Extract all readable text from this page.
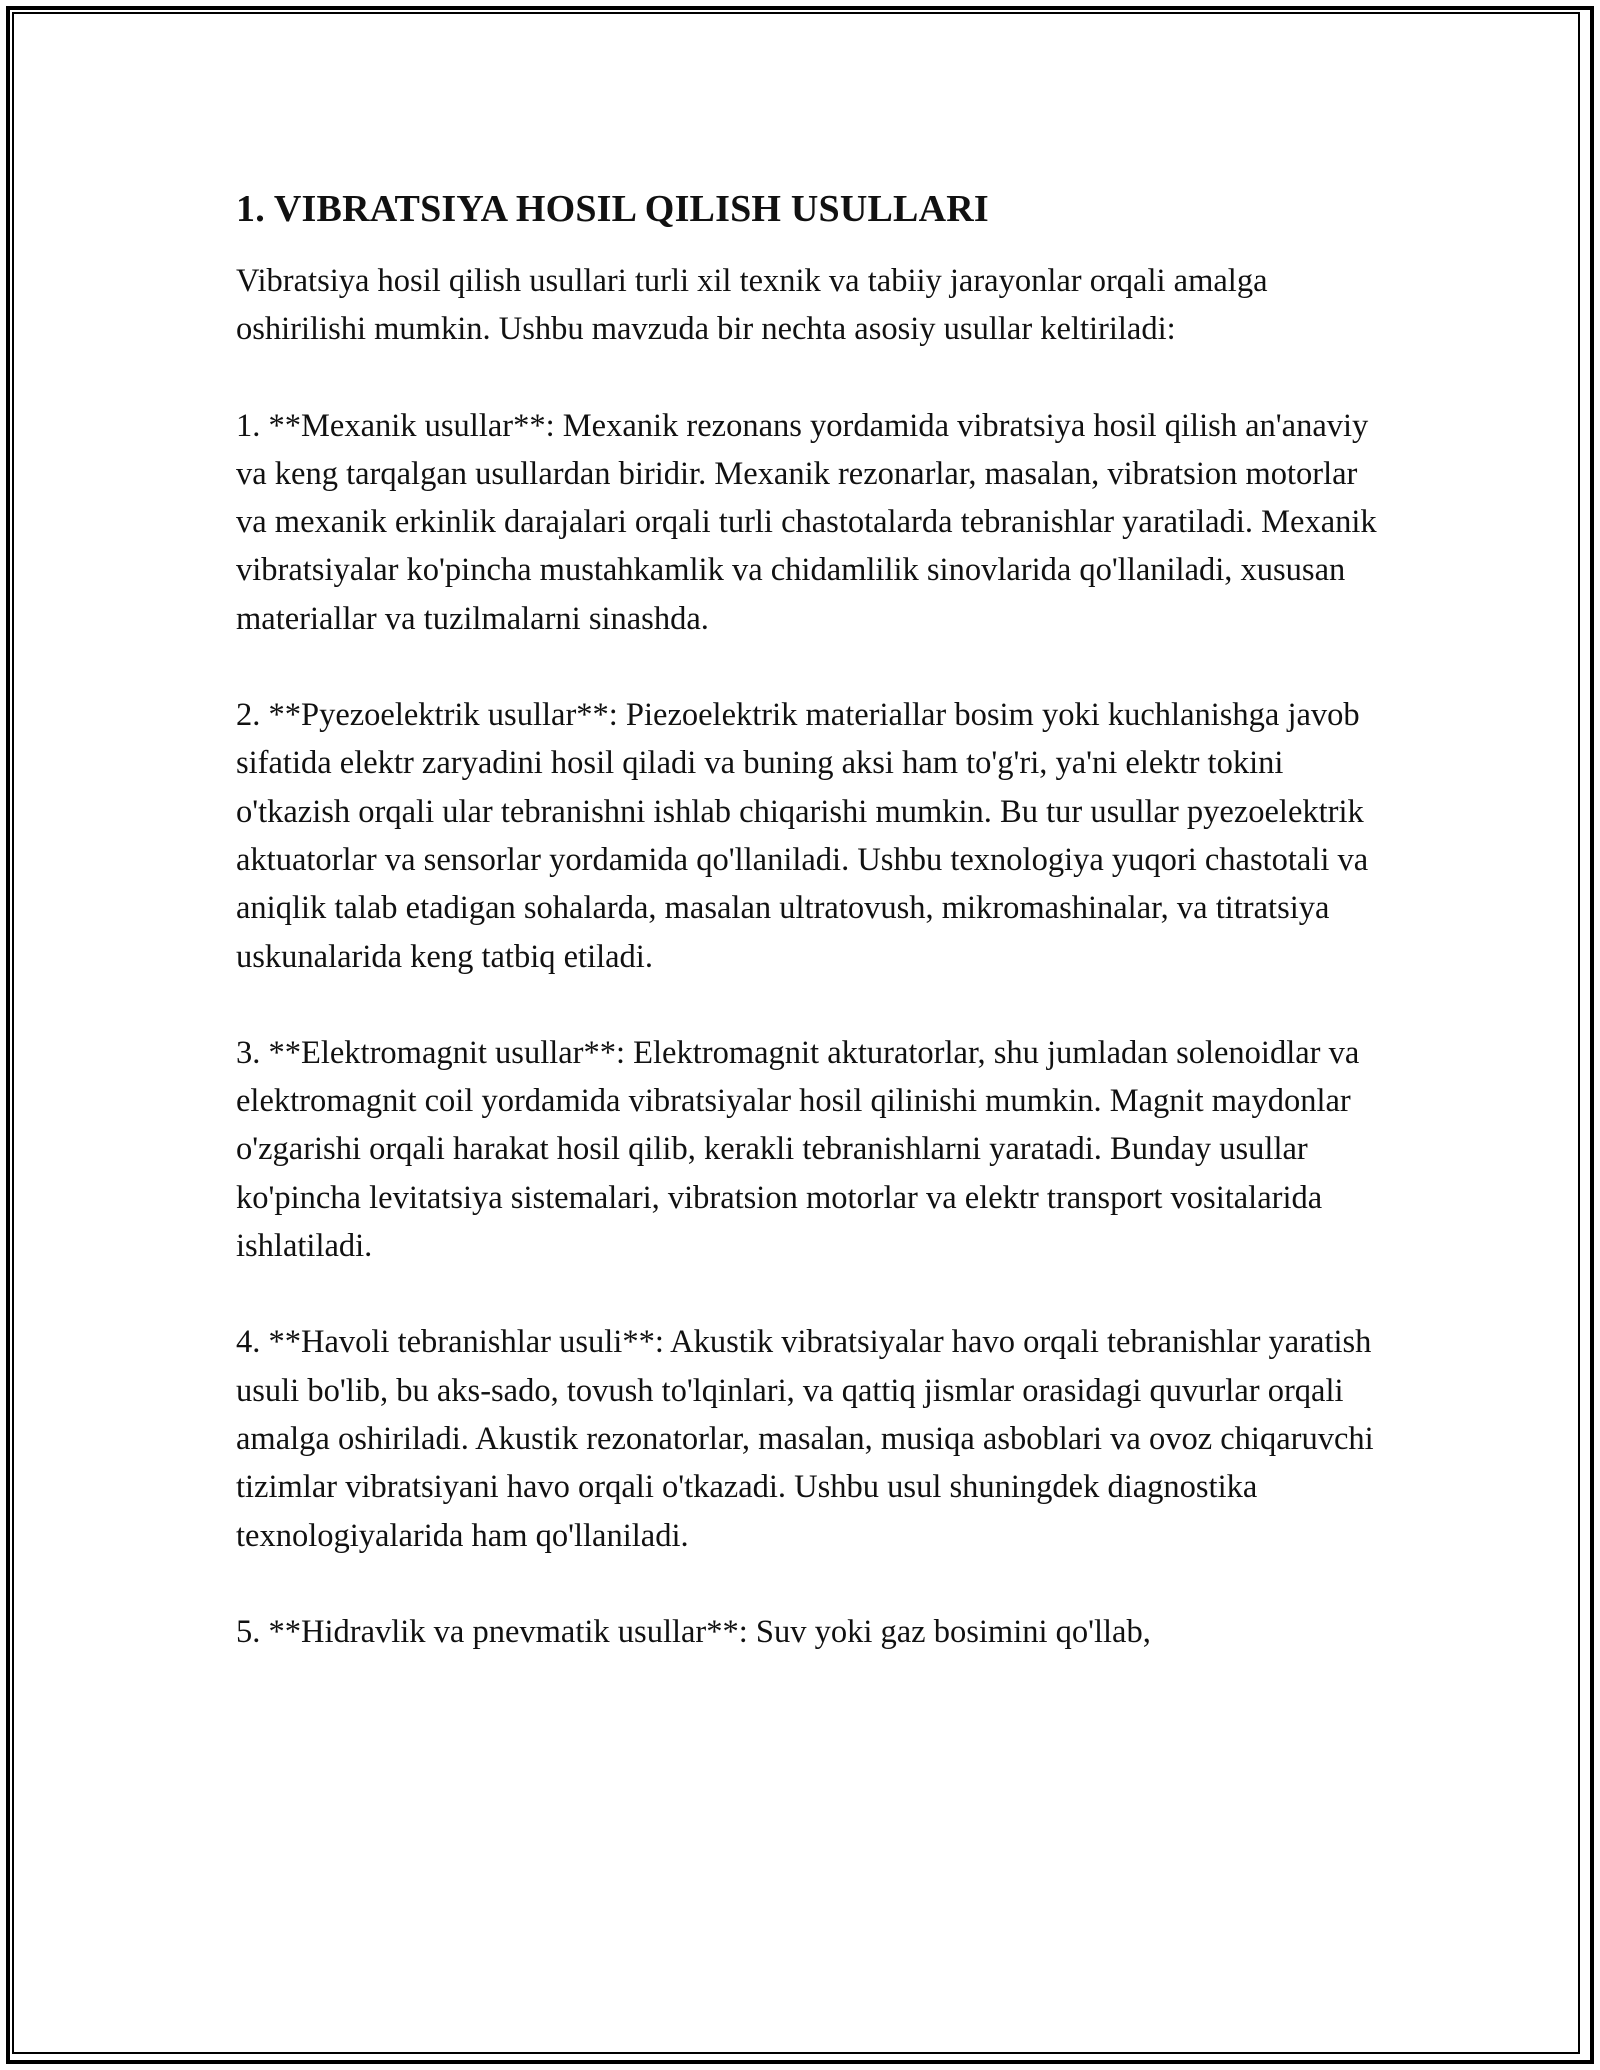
1. VIBRATSIYA HOSIL QILISH USULLARI

Vibratsiya hosil qilish usullari turli xil texnik va tabiiy jarayonlar orqali amalga oshirilishi mumkin. Ushbu mavzuda bir nechta asosiy usullar keltiriladi:

1. **Mexanik usullar**: Mexanik rezonans yordamida vibratsiya hosil qilish an'anaviy va keng tarqalgan usullardan biridir. Mexanik rezonarlar, masalan, vibratsion motorlar va mexanik erkinlik darajalari orqali turli chastotalarda tebranishlar yaratiladi. Mexanik vibratsiyalar ko'pincha mustahkamlik va chidamlilik sinovlarida qo'llaniladi, xususan materiallar va tuzilmalarni sinashda.

2. **Pyezoelektrik usullar**: Piezoelektrik materiallar bosim yoki kuchlanishga javob sifatida elektr zaryadini hosil qiladi va buning aksi ham to'g'ri, ya'ni elektr tokini o'tkazish orqali ular tebranishni ishlab chiqarishi mumkin. Bu tur usullar pyezoelektrik aktuatorlar va sensorlar yordamida qo'llaniladi. Ushbu texnologiya yuqori chastotali va aniqlik talab etadigan sohalarda, masalan ultratovush, mikromashinalar, va titratsiya uskunalarida keng tatbiq etiladi.

3. **Elektromagnit usullar**: Elektromagnit akturatorlar, shu jumladan solenoidlar va elektromagnit coil yordamida vibratsiyalar hosil qilinishi mumkin. Magnit maydonlar o'zgarishi orqali harakat hosil qilib, kerakli tebranishlarni yaratadi. Bunday usullar ko'pincha levitatsiya sistemalari, vibratsion motorlar va elektr transport vositalarida ishlatiladi.

4. **Havoli tebranishlar usuli**: Akustik vibratsiyalar havo orqali tebranishlar yaratish usuli bo'lib, bu aks-sado, tovush to'lqinlari, va qattiq jismlar orasidagi quvurlar orqali amalga oshiriladi. Akustik rezonatorlar, masalan, musiqa asboblari va ovoz chiqaruvchi tizimlar vibratsiyani havo orqali o'tkazadi. Ushbu usul shuningdek diagnostika texnologiyalarida ham qo'llaniladi.

5. **Hidravlik va pnevmatik usullar**: Suv yoki gaz bosimini qo'llab,
